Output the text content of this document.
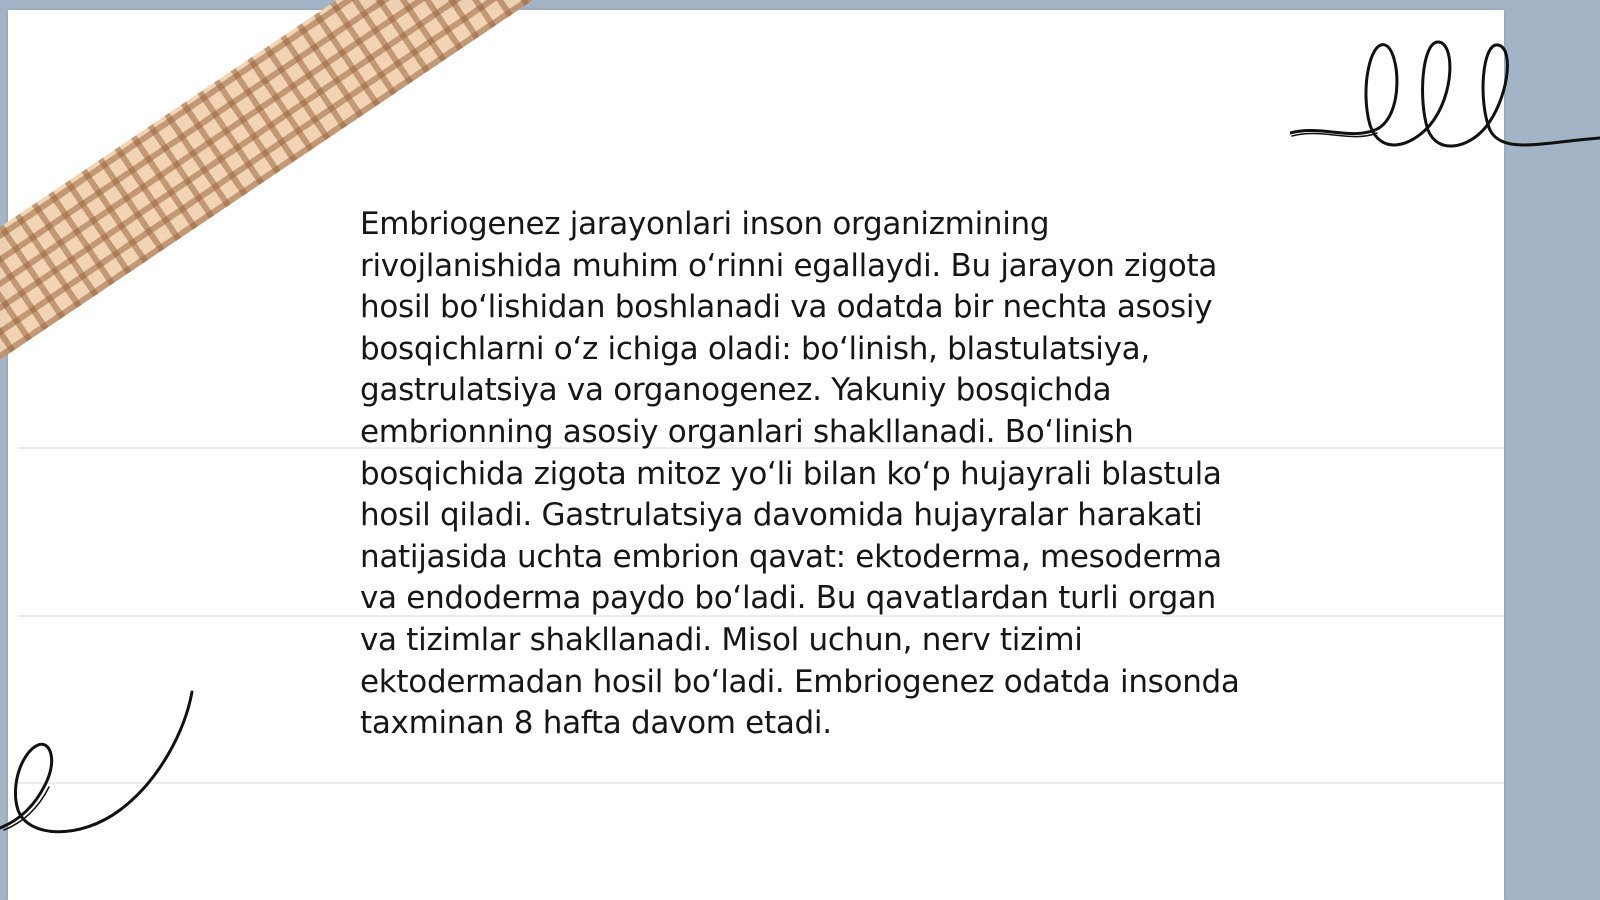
Embriogenez jarayonlari inson organizmining rivojlanishida muhim o‘rinni egallaydi. Bu jarayon zigota hosil bo‘lishidan boshlanadi va odatda bir nechta asosiy bosqichlarni o‘z ichiga oladi: bo‘linish, blastulatsiya, gastrulatsiya va organogenez. Yakuniy bosqichda embrionning asosiy organlari shakllanadi. Bo‘linish bosqichida zigota mitoz yo‘li bilan ko‘p hujayrali blastula hosil qiladi. Gastrulatsiya davomida hujayralar harakati natijasida uchta embrion qavat: ektoderma, mesoderma va endoderma paydo bo‘ladi. Bu qavatlardan turli organ va tizimlar shakllanadi. Misol uchun, nerv tizimi ektodermadan hosil bo‘ladi. Embriogenez odatda insonda taxminan 8 hafta davom etadi.
